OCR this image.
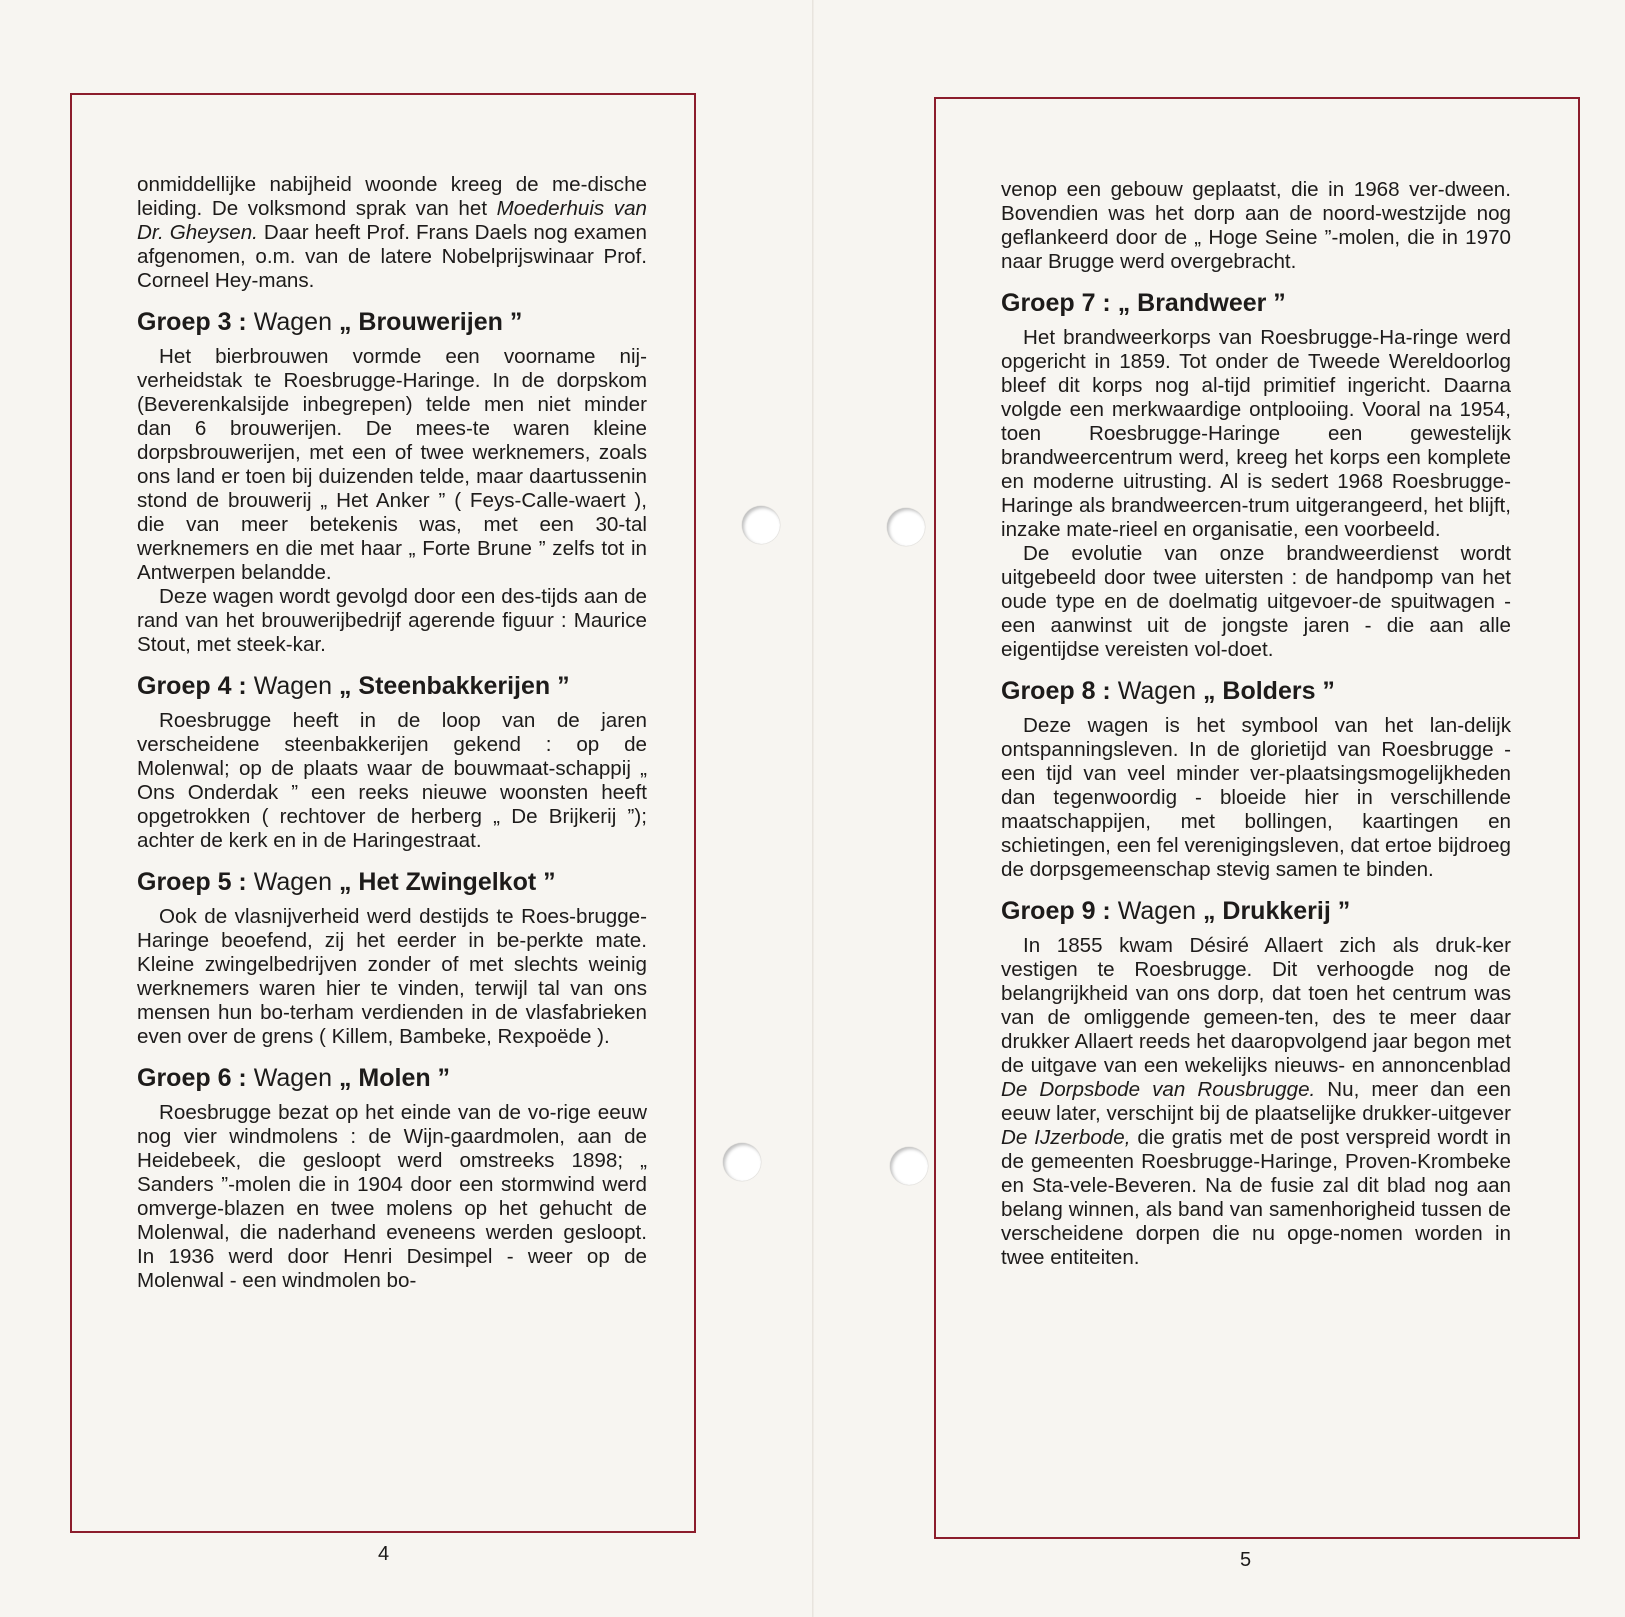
onmiddellijke nabijheid woonde kreeg de me-dische leiding. De volksmond sprak van het Moederhuis van Dr. Gheysen. Daar heeft Prof. Frans Daels nog examen afgenomen, o.m. van de latere Nobelprijswinaar Prof. Corneel Hey-mans.

Groep 3 : Wagen „ Brouwerijen ”

Het bierbrouwen vormde een voorname nij-verheidstak te Roesbrugge-Haringe. In de dorpskom (Beverenkalsijde inbegrepen) telde men niet minder dan 6 brouwerijen. De mees-te waren kleine dorpsbrouwerijen, met een of twee werknemers, zoals ons land er toen bij duizenden telde, maar daartussenin stond de brouwerij „ Het Anker ” ( Feys-Calle-waert ), die van meer betekenis was, met een 30-tal werknemers en die met haar „ Forte Brune ” zelfs tot in Antwerpen belandde.

Deze wagen wordt gevolgd door een des-tijds aan de rand van het brouwerijbedrijf agerende figuur : Maurice Stout, met steek-kar.

Groep 4 : Wagen „ Steenbakkerijen ”

Roesbrugge heeft in de loop van de jaren verscheidene steenbakkerijen gekend : op de Molenwal; op de plaats waar de bouwmaat-schappij „ Ons Onderdak ” een reeks nieuwe woonsten heeft opgetrokken ( rechtover de herberg „ De Brijkerij ”); achter de kerk en in de Haringestraat.

Groep 5 : Wagen „ Het Zwingelkot ”

Ook de vlasnijverheid werd destijds te Roes-brugge-Haringe beoefend, zij het eerder in be-perkte mate. Kleine zwingelbedrijven zonder of met slechts weinig werknemers waren hier te vinden, terwijl tal van ons mensen hun bo-terham verdienden in de vlasfabrieken even over de grens ( Killem, Bambeke, Rexpoëde ).

Groep 6 : Wagen „ Molen ”

Roesbrugge bezat op het einde van de vo-rige eeuw nog vier windmolens : de Wijn-gaardmolen, aan de Heidebeek, die gesloopt werd omstreeks 1898; „ Sanders ”-molen die in 1904 door een stormwind werd omverge-blazen en twee molens op het gehucht de Molenwal, die naderhand eveneens werden gesloopt. In 1936 werd door Henri Desimpel - weer op de Molenwal - een windmolen bo-

venop een gebouw geplaatst, die in 1968 ver-dween. Bovendien was het dorp aan de noord-westzijde nog geflankeerd door de „ Hoge Seine ”-molen, die in 1970 naar Brugge werd overgebracht.

Groep 7 : „ Brandweer ”

Het brandweerkorps van Roesbrugge-Ha-ringe werd opgericht in 1859. Tot onder de Tweede Wereldoorlog bleef dit korps nog al-tijd primitief ingericht. Daarna volgde een merkwaardige ontplooiing. Vooral na 1954, toen Roesbrugge-Haringe een gewestelijk brandweercentrum werd, kreeg het korps een komplete en moderne uitrusting. Al is sedert 1968 Roesbrugge-Haringe als brandweercen-trum uitgerangeerd, het blijft, inzake mate-rieel en organisatie, een voorbeeld.

De evolutie van onze brandweerdienst wordt uitgebeeld door twee uitersten : de handpomp van het oude type en de doelmatig uitgevoer-de spuitwagen - een aanwinst uit de jongste jaren - die aan alle eigentijdse vereisten vol-doet.

Groep 8 : Wagen „ Bolders ”

Deze wagen is het symbool van het lan-delijk ontspanningsleven. In de glorietijd van Roesbrugge - een tijd van veel minder ver-plaatsingsmogelijkheden dan tegenwoordig - bloeide hier in verschillende maatschappijen, met bollingen, kaartingen en schietingen, een fel verenigingsleven, dat ertoe bijdroeg de dorpsgemeenschap stevig samen te binden.

Groep 9 : Wagen „ Drukkerij ”

In 1855 kwam Désiré Allaert zich als druk-ker vestigen te Roesbrugge. Dit verhoogde nog de belangrijkheid van ons dorp, dat toen het centrum was van de omliggende gemeen-ten, des te meer daar drukker Allaert reeds het daaropvolgend jaar begon met de uitgave van een wekelijks nieuws- en annoncenblad De Dorpsbode van Rousbrugge. Nu, meer dan een eeuw later, verschijnt bij de plaatselijke drukker-uitgever De IJzerbode, die gratis met de post verspreid wordt in de gemeenten Roesbrugge-Haringe, Proven-Krombeke en Sta-vele-Beveren. Na de fusie zal dit blad nog aan belang winnen, als band van samenhorigheid tussen de verscheidene dorpen die nu opge-nomen worden in twee entiteiten.

4	5
